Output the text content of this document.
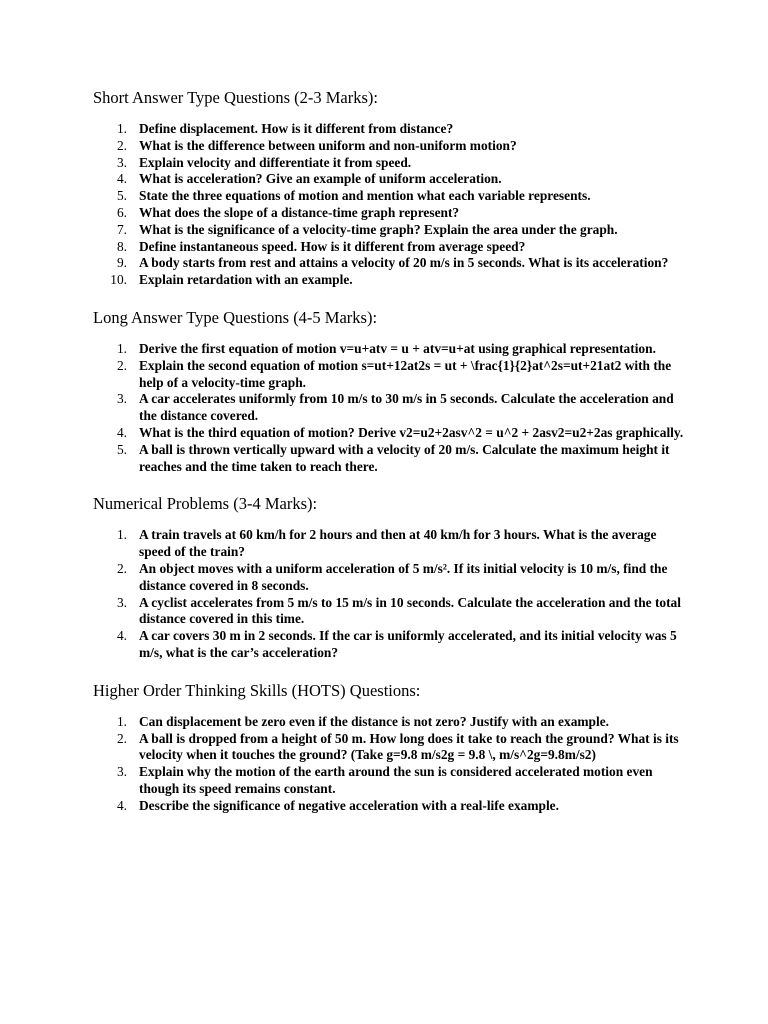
Short Answer Type Questions (2-3 Marks):
1. Define displacement. How is it different from distance?
2. What is the difference between uniform and non-uniform motion?
3. Explain velocity and differentiate it from speed.
4. What is acceleration? Give an example of uniform acceleration.
5. State the three equations of motion and mention what each variable represents.
6. What does the slope of a distance-time graph represent?
7. What is the significance of a velocity-time graph? Explain the area under the graph.
8. Define instantaneous speed. How is it different from average speed?
9. A body starts from rest and attains a velocity of 20 m/s in 5 seconds. What is its acceleration?
10. Explain retardation with an example.
Long Answer Type Questions (4-5 Marks):
1. Derive the first equation of motion v=u+atv = u + atv=u+at using graphical representation.
2. Explain the second equation of motion s=ut+12at2s = ut + \frac{1}{2}at^2s=ut+21at2 with the help of a velocity-time graph.
3. A car accelerates uniformly from 10 m/s to 30 m/s in 5 seconds. Calculate the acceleration and the distance covered.
4. What is the third equation of motion? Derive v2=u2+2asv^2 = u^2 + 2asv2=u2+2as graphically.
5. A ball is thrown vertically upward with a velocity of 20 m/s. Calculate the maximum height it reaches and the time taken to reach there.
Numerical Problems (3-4 Marks):
1. A train travels at 60 km/h for 2 hours and then at 40 km/h for 3 hours. What is the average speed of the train?
2. An object moves with a uniform acceleration of 5 m/s². If its initial velocity is 10 m/s, find the distance covered in 8 seconds.
3. A cyclist accelerates from 5 m/s to 15 m/s in 10 seconds. Calculate the acceleration and the total distance covered in this time.
4. A car covers 30 m in 2 seconds. If the car is uniformly accelerated, and its initial velocity was 5 m/s, what is the car’s acceleration?
Higher Order Thinking Skills (HOTS) Questions:
1. Can displacement be zero even if the distance is not zero? Justify with an example.
2. A ball is dropped from a height of 50 m. How long does it take to reach the ground? What is its velocity when it touches the ground? (Take g=9.8 m/s2g = 9.8 \, m/s^2g=9.8m/s2)
3. Explain why the motion of the earth around the sun is considered accelerated motion even though its speed remains constant.
4. Describe the significance of negative acceleration with a real-life example.
